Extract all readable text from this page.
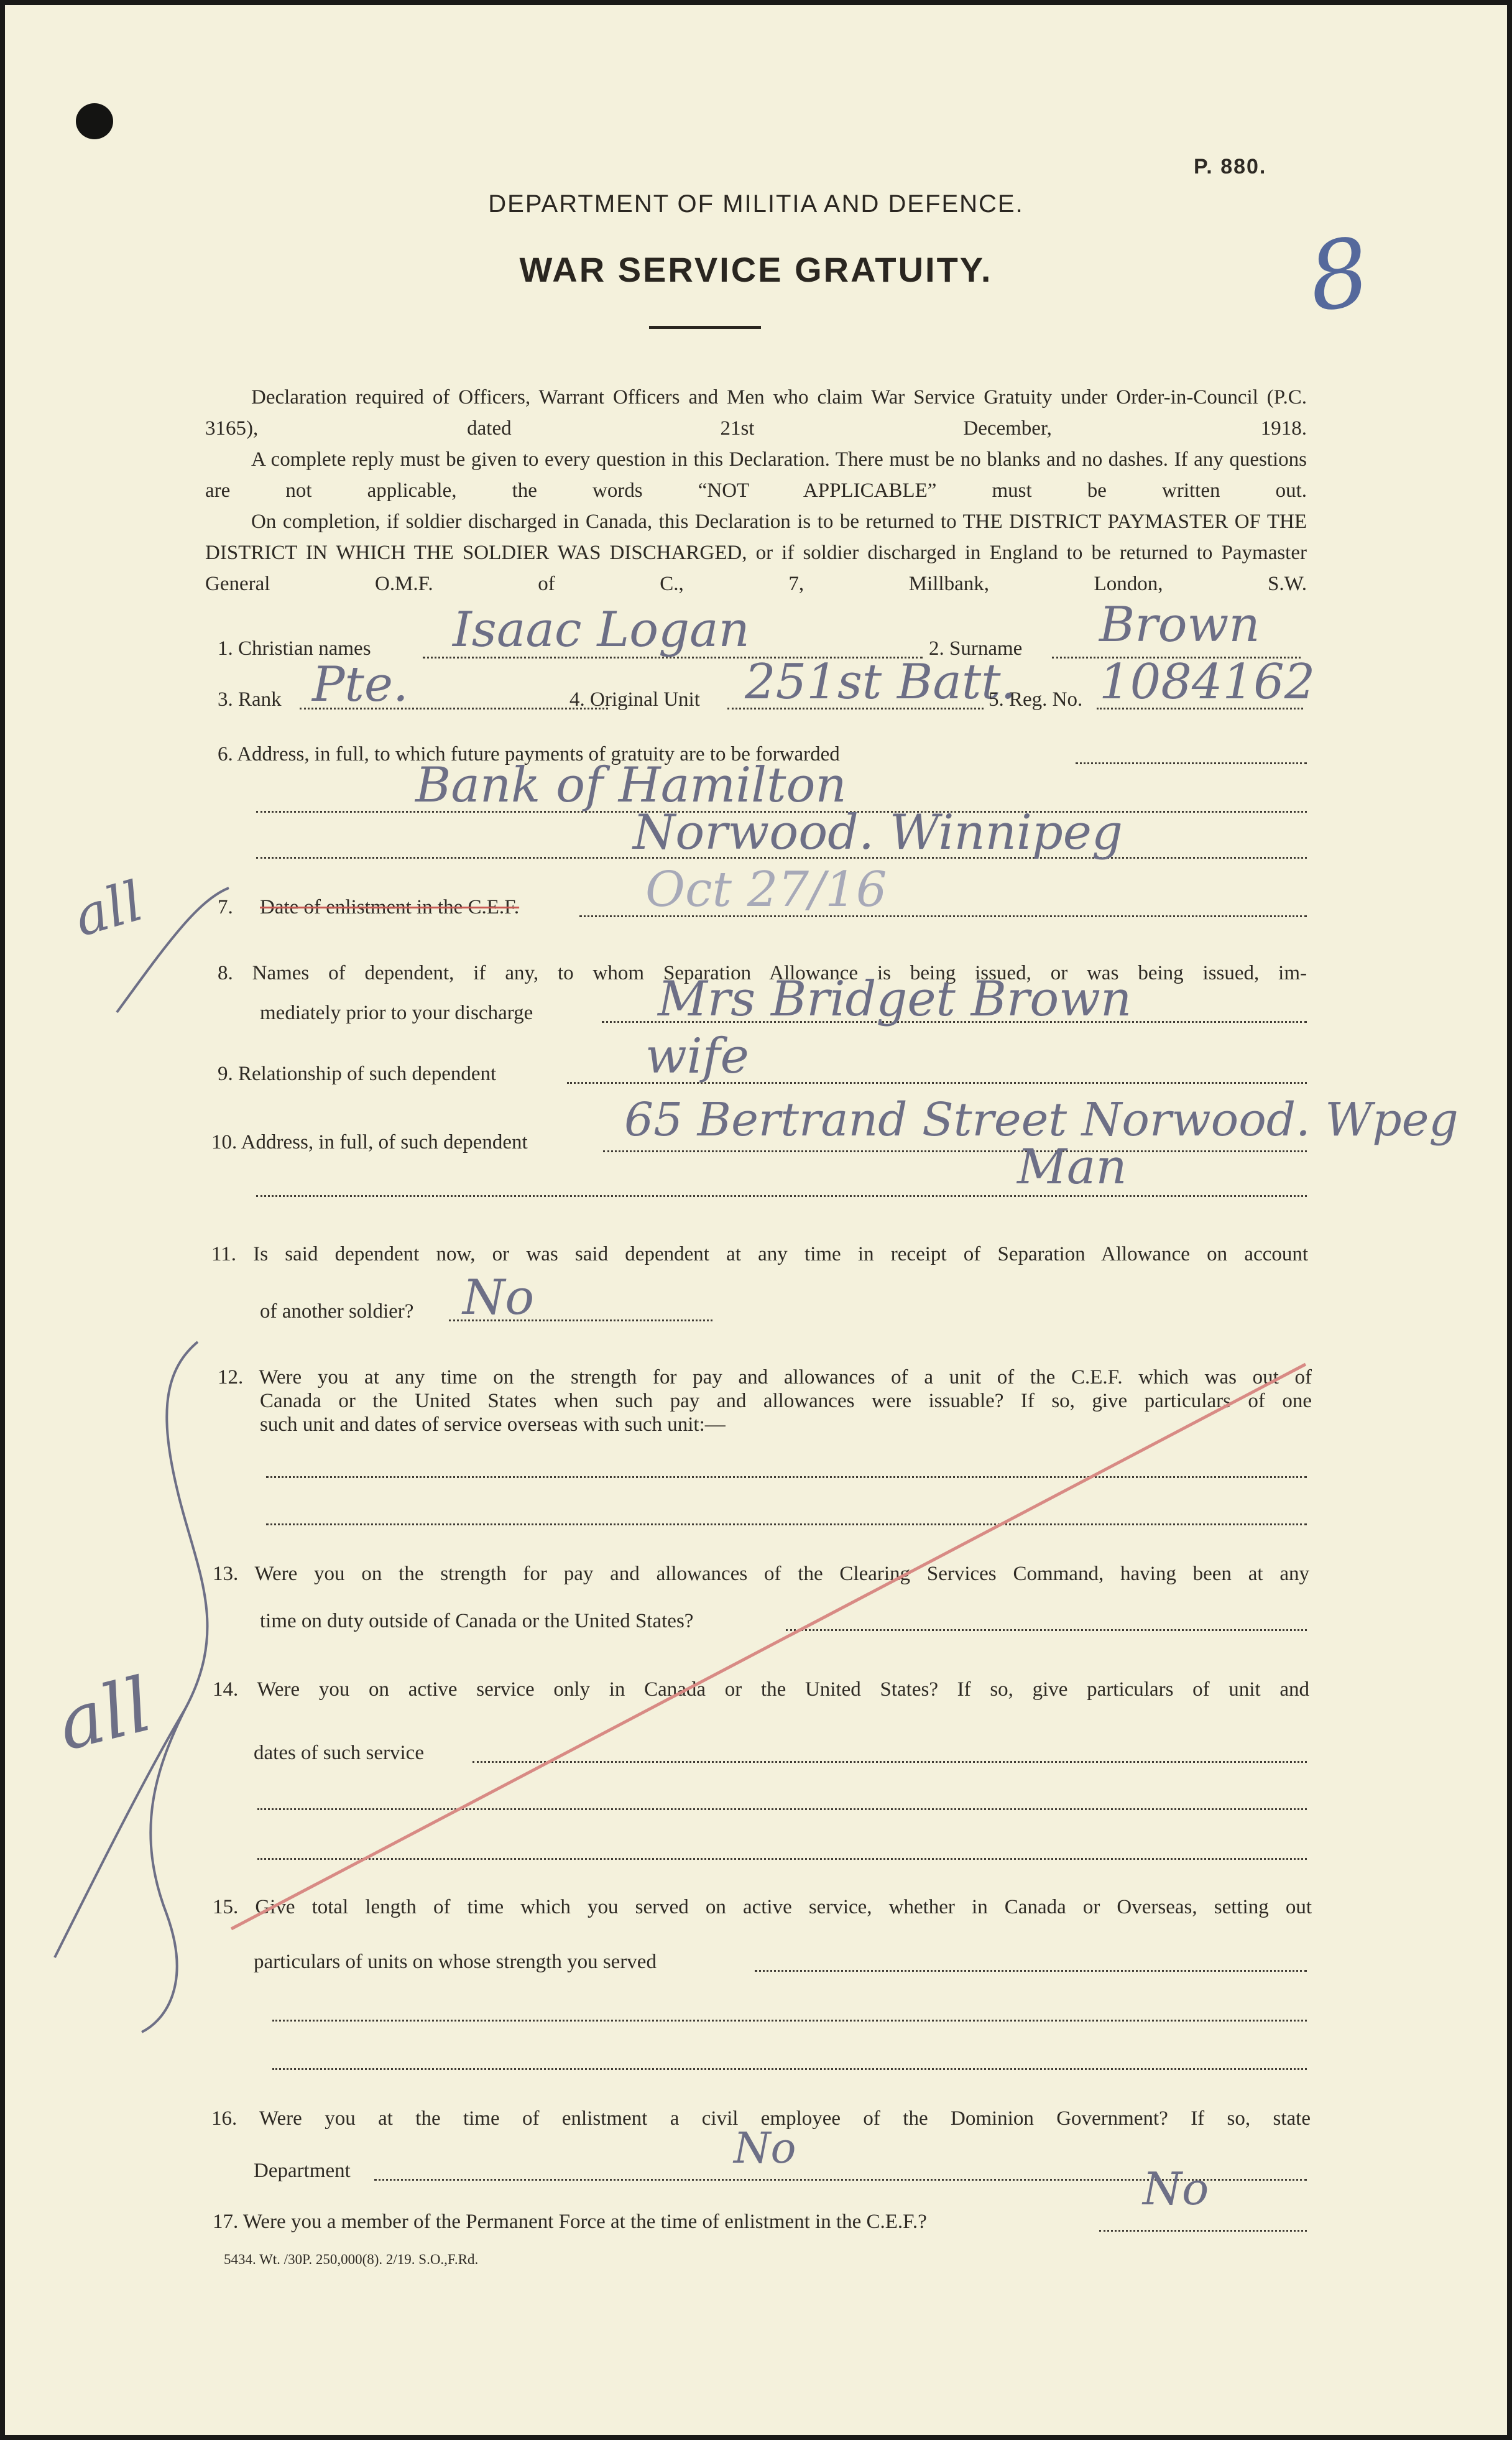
P. 880.
DEPARTMENT OF MILITIA AND DEFENCE.
WAR SERVICE GRATUITY.	8
Declaration required of Officers, Warrant Officers and Men who claim War Service Gratuity under Order-in-Council (P.C. 3165), dated 21st December, 1918.
A complete reply must be given to every question in this Declaration. There must be no blanks and no dashes. If any questions are not applicable, the words “NOT APPLICABLE” must be written out.
On completion, if soldier discharged in Canada, this Declaration is to be returned to THE DISTRICT PAYMASTER OF THE DISTRICT IN WHICH THE SOLDIER WAS DISCHARGED, or if soldier discharged in England to be returned to Paymaster General O.M.F. of C., 7, Millbank, London, S.W.
1. Christian names Isaac Logan	2. Surname Brown
3. Rank Pte.	4. Original Unit 251st Batt.
5. Reg. No. 1084162
6. Address, in full, to which future payments of gratuity are to be forwarded
Bank of Hamilton
Norwood. Winnipeg
7. Date of enlistment in the C.E.F.	Oct 27/16
all
8. Names of dependent, if any, to whom Separation Allowance is being issued, or was being issued, im-
mediately prior to your discharge	Mrs Bridget Brown
9. Relationship of such dependent	wife
10. Address, in full, of such dependent 65 Bertrand Street Norwood. Wpeg
Man
11. Is said dependent now, or was said dependent at any time in receipt of Separation Allowance on account
of another soldier? No
12. Were you at any time on the strength for pay and allowances of a unit of the C.E.F. which was out of
Canada or the United States when such pay and allowances were issuable? If so, give particulars of one
such unit and dates of service overseas with such unit:—
13. Were you on the strength for pay and allowances of the Clearing Services Command, having been at any
time on duty outside of Canada or the United States?
14. Were you on active service only in Canada or the United States? If so, give particulars of unit and
dates of such service
15. Give total length of time which you served on active service, whether in Canada or Overseas, setting out
particulars of units on whose strength you served
16. Were you at the time of enlistment a civil employee of the Dominion Government? If so, state
Department	No
17. Were you a member of the Permanent Force at the time of enlistment in the C.E.F.?
No
5434. Wt. /30P. 250,000(8). 2/19. S.O.,F.Rd.
all
